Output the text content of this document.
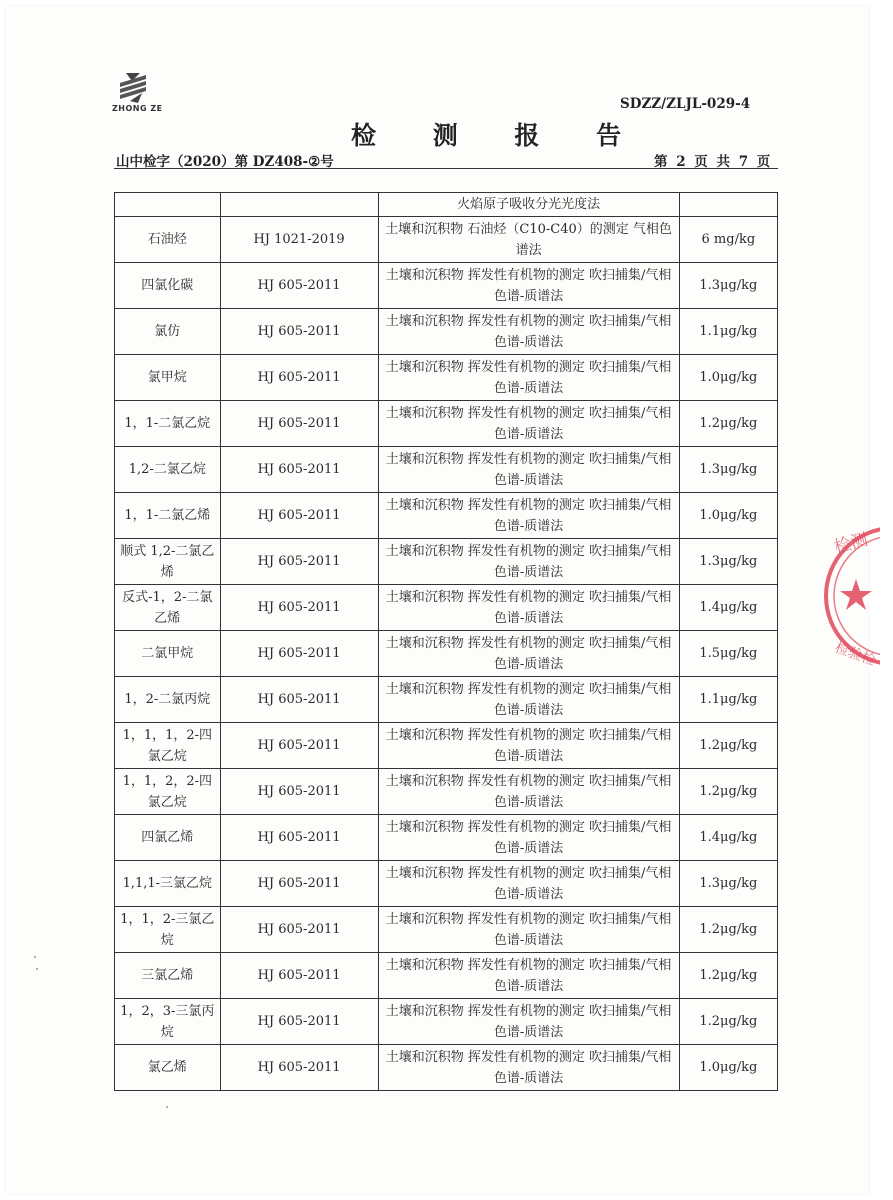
ZHONG ZE	SDZZ/ZLJL-029-4
检 测 报 告
山中检字（2020）第 DZ408-②号	第 2 页 共 7 页
		火焰原子吸收分光光度法	
石油烃	HJ 1021-2019	土壤和沉积物 石油烃（C10-C40）的测定 气相色谱法	6 mg/kg
四氯化碳	HJ 605-2011	土壤和沉积物 挥发性有机物的测定 吹扫捕集/气相色谱-质谱法	1.3μg/kg
氯仿	HJ 605-2011	土壤和沉积物 挥发性有机物的测定 吹扫捕集/气相色谱-质谱法	1.1μg/kg
氯甲烷	HJ 605-2011	土壤和沉积物 挥发性有机物的测定 吹扫捕集/气相色谱-质谱法	1.0μg/kg
1，1-二氯乙烷	HJ 605-2011	土壤和沉积物 挥发性有机物的测定 吹扫捕集/气相色谱-质谱法	1.2μg/kg
1,2-二氯乙烷	HJ 605-2011	土壤和沉积物 挥发性有机物的测定 吹扫捕集/气相色谱-质谱法	1.3μg/kg
1，1-二氯乙烯	HJ 605-2011	土壤和沉积物 挥发性有机物的测定 吹扫捕集/气相色谱-质谱法	1.0μg/kg
顺式 1,2-二氯乙烯	HJ 605-2011	土壤和沉积物 挥发性有机物的测定 吹扫捕集/气相色谱-质谱法	1.3μg/kg
反式-1，2-二氯乙烯	HJ 605-2011	土壤和沉积物 挥发性有机物的测定 吹扫捕集/气相色谱-质谱法	1.4μg/kg
二氯甲烷	HJ 605-2011	土壤和沉积物 挥发性有机物的测定 吹扫捕集/气相色谱-质谱法	1.5μg/kg
1，2-二氯丙烷	HJ 605-2011	土壤和沉积物 挥发性有机物的测定 吹扫捕集/气相色谱-质谱法	1.1μg/kg
1，1，1，2-四氯乙烷	HJ 605-2011	土壤和沉积物 挥发性有机物的测定 吹扫捕集/气相色谱-质谱法	1.2μg/kg
1，1，2，2-四氯乙烷	HJ 605-2011	土壤和沉积物 挥发性有机物的测定 吹扫捕集/气相色谱-质谱法	1.2μg/kg
四氯乙烯	HJ 605-2011	土壤和沉积物 挥发性有机物的测定 吹扫捕集/气相色谱-质谱法	1.4μg/kg
1,1,1-三氯乙烷	HJ 605-2011	土壤和沉积物 挥发性有机物的测定 吹扫捕集/气相色谱-质谱法	1.3μg/kg
1，1，2-三氯乙烷	HJ 605-2011	土壤和沉积物 挥发性有机物的测定 吹扫捕集/气相色谱-质谱法	1.2μg/kg
三氯乙烯	HJ 605-2011	土壤和沉积物 挥发性有机物的测定 吹扫捕集/气相色谱-质谱法	1.2μg/kg
1，2，3-三氯丙烷	HJ 605-2011	土壤和沉积物 挥发性有机物的测定 吹扫捕集/气相色谱-质谱法	1.2μg/kg
氯乙烯	HJ 605-2011	土壤和沉积物 挥发性有机物的测定 吹扫捕集/气相色谱-质谱法	1.0μg/kg
检测
检验检
